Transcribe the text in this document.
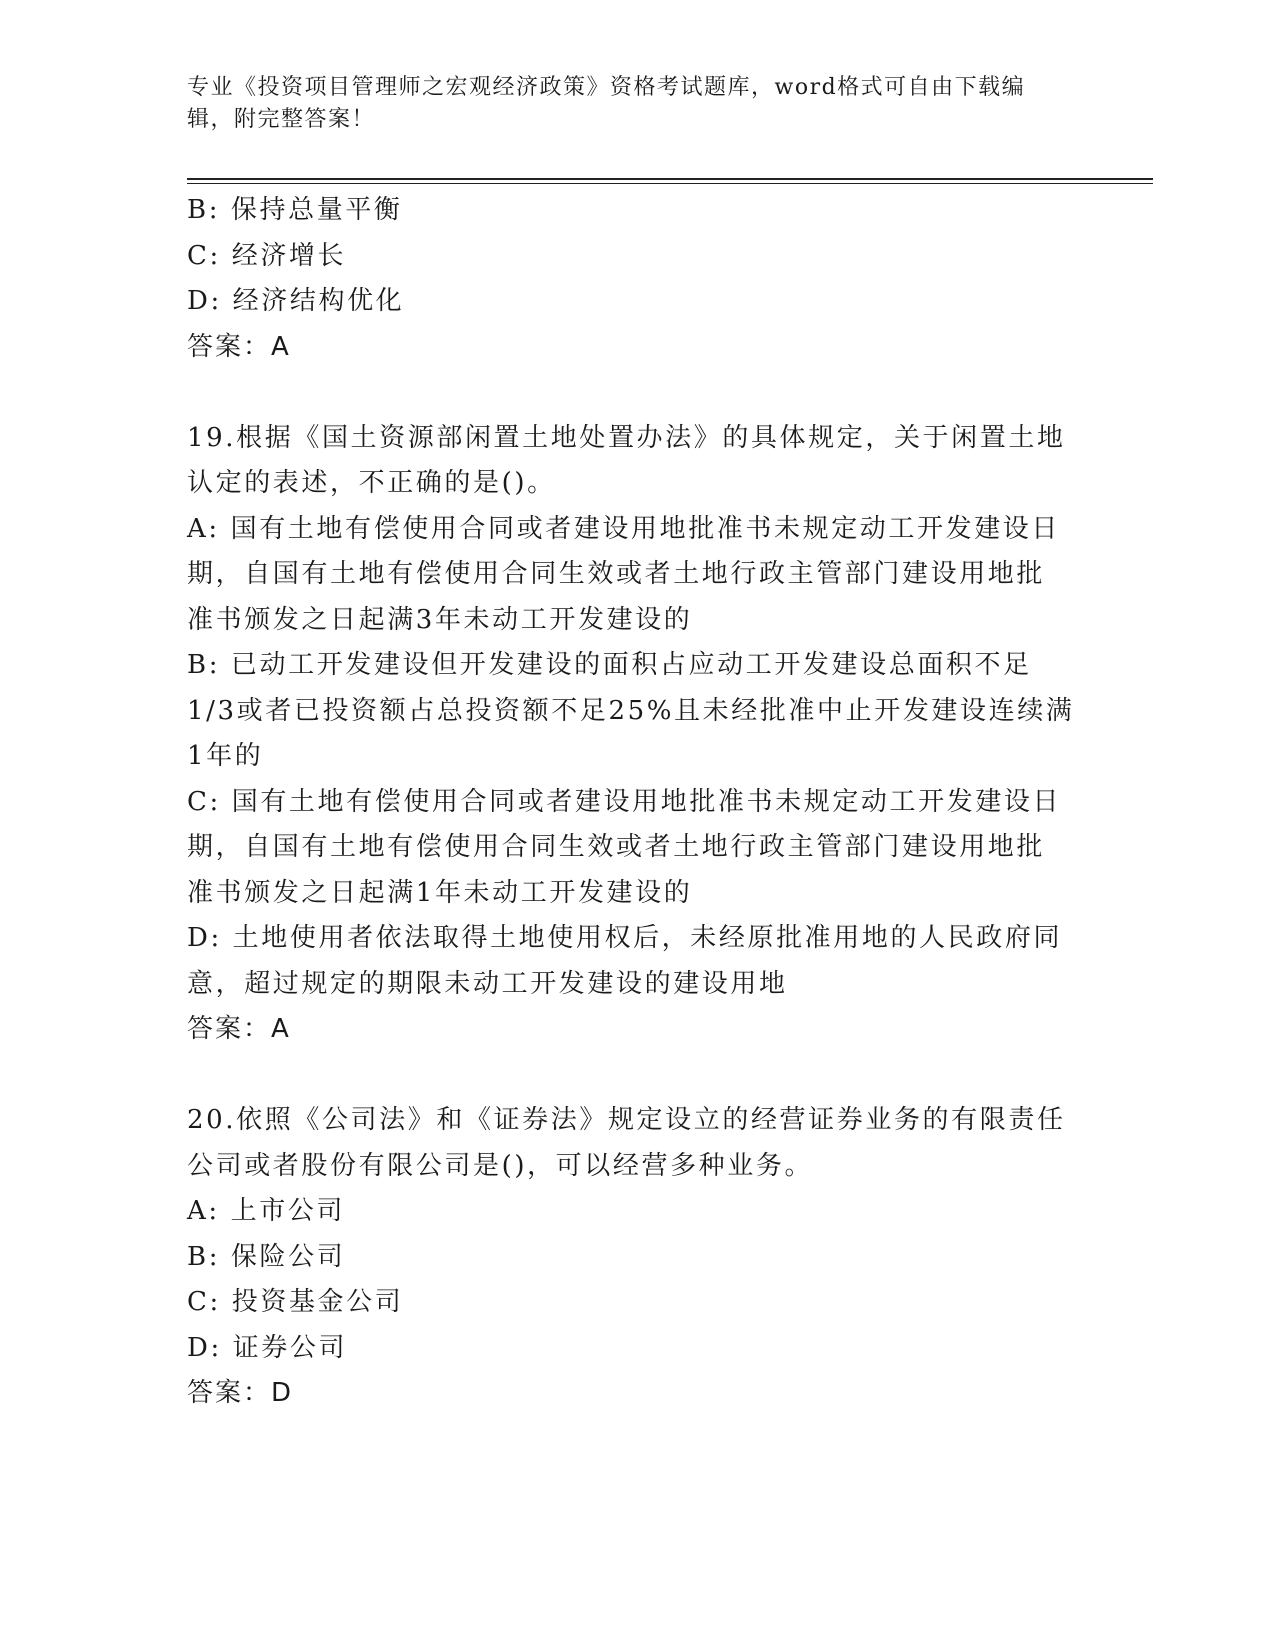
专业《投资项目管理师之宏观经济政策》资格考试题库，word格式可自由下载编
辑，附完整答案！
B: 保持总量平衡
C: 经济增长
D: 经济结构优化
答案：A
19.根据《国土资源部闲置土地处置办法》的具体规定，关于闲置土地
认定的表述，不正确的是()。
A: 国有土地有偿使用合同或者建设用地批准书未规定动工开发建设日
期，自国有土地有偿使用合同生效或者土地行政主管部门建设用地批
准书颁发之日起满3年未动工开发建设的
B: 已动工开发建设但开发建设的面积占应动工开发建设总面积不足
1/3或者已投资额占总投资额不足25%且未经批准中止开发建设连续满
1年的
C: 国有土地有偿使用合同或者建设用地批准书未规定动工开发建设日
期，自国有土地有偿使用合同生效或者土地行政主管部门建设用地批
准书颁发之日起满1年未动工开发建设的
D: 土地使用者依法取得土地使用权后，未经原批准用地的人民政府同
意，超过规定的期限未动工开发建设的建设用地
答案：A
20.依照《公司法》和《证券法》规定设立的经营证券业务的有限责任
公司或者股份有限公司是()，可以经营多种业务。
A: 上市公司
B: 保险公司
C: 投资基金公司
D: 证券公司
答案：D
